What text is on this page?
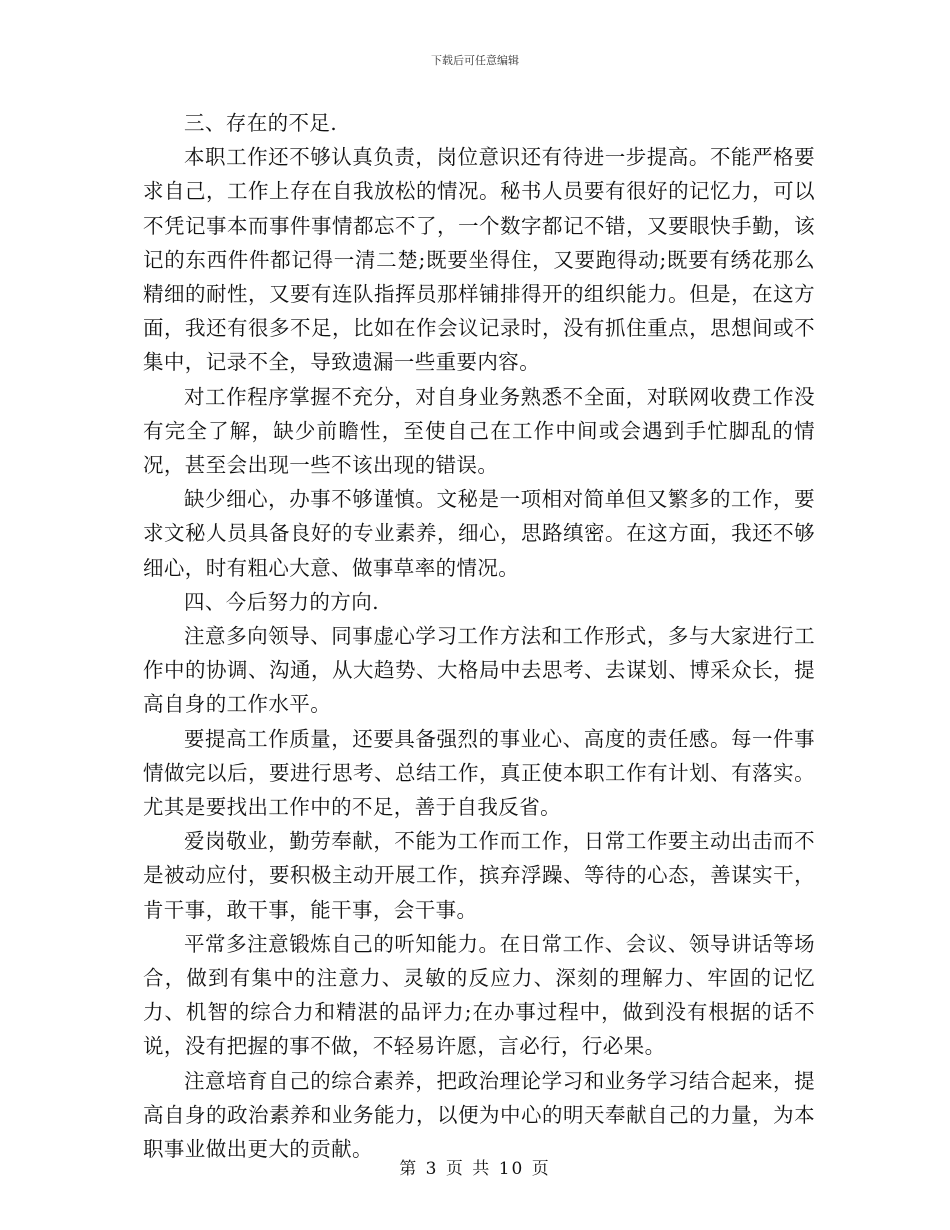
下载后可任意编辑

三、存在的不足.

本职工作还不够认真负责，岗位意识还有待进一步提高。不能严格要求自己，工作上存在自我放松的情况。秘书人员要有很好的记忆力，可以不凭记事本而事件事情都忘不了，一个数字都记不错，又要眼快手勤，该记的东西件件都记得一清二楚;既要坐得住，又要跑得动;既要有绣花那么精细的耐性，又要有连队指挥员那样铺排得开的组织能力。但是，在这方面，我还有很多不足，比如在作会议记录时，没有抓住重点，思想间或不集中，记录不全，导致遗漏一些重要内容。

对工作程序掌握不充分，对自身业务熟悉不全面，对联网收费工作没有完全了解，缺少前瞻性，至使自己在工作中间或会遇到手忙脚乱的情况，甚至会出现一些不该出现的错误。

缺少细心，办事不够谨慎。文秘是一项相对简单但又繁多的工作，要求文秘人员具备良好的专业素养，细心，思路缜密。在这方面，我还不够细心，时有粗心大意、做事草率的情况。

四、今后努力的方向.

注意多向领导、同事虚心学习工作方法和工作形式，多与大家进行工作中的协调、沟通，从大趋势、大格局中去思考、去谋划、博采众长，提高自身的工作水平。

要提高工作质量，还要具备强烈的事业心、高度的责任感。每一件事情做完以后，要进行思考、总结工作，真正使本职工作有计划、有落实。尤其是要找出工作中的不足，善于自我反省。

爱岗敬业，勤劳奉献，不能为工作而工作，日常工作要主动出击而不是被动应付，要积极主动开展工作，摈弃浮躁、等待的心态，善谋实干，肯干事，敢干事，能干事，会干事。

平常多注意锻炼自己的听知能力。在日常工作、会议、领导讲话等场合，做到有集中的注意力、灵敏的反应力、深刻的理解力、牢固的记忆力、机智的综合力和精湛的品评力;在办事过程中，做到没有根据的话不说，没有把握的事不做，不轻易许愿，言必行，行必果。

注意培育自己的综合素养，把政治理论学习和业务学习结合起来，提高自身的政治素养和业务能力，以便为中心的明天奉献自己的力量，为本职事业做出更大的贡献。

第 3 页 共 10 页
